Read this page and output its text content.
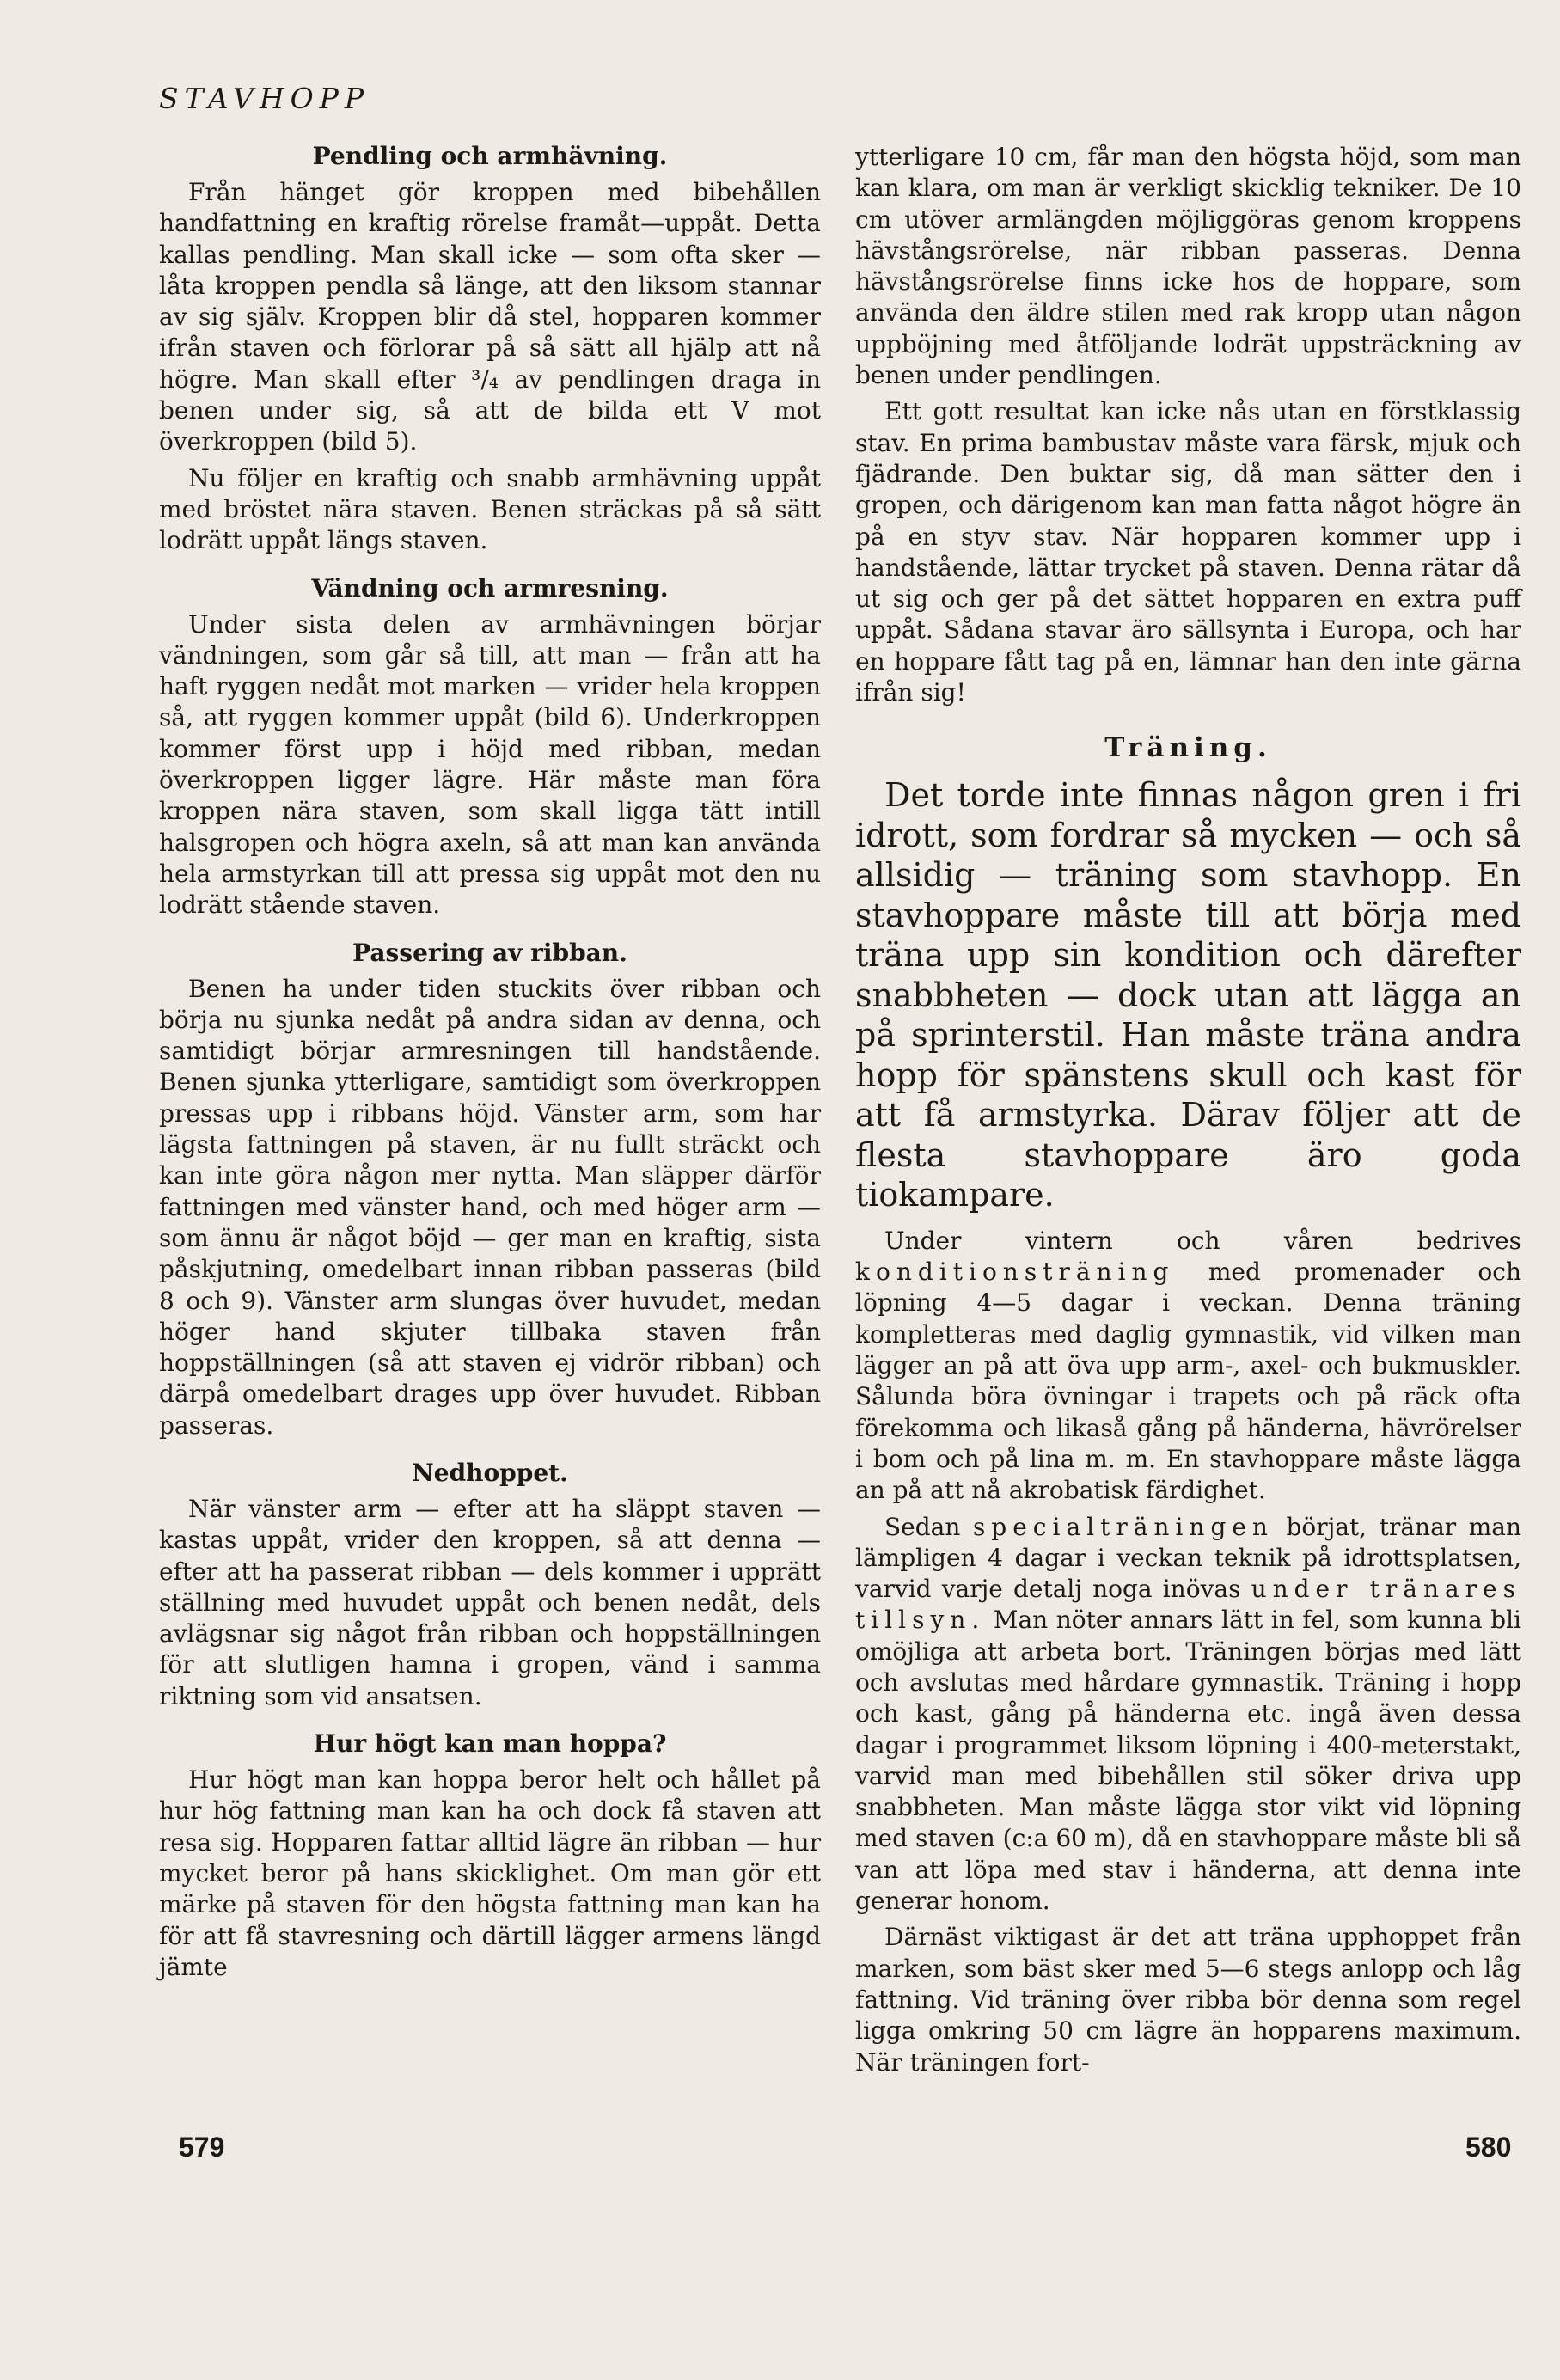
STAVHOPP
Pendling och armhävning.

Från hänget gör kroppen med bibehållen handfattning en kraftig rörelse framåt—uppåt. Detta kallas pendling. Man skall icke — som ofta sker — låta kroppen pendla så länge, att den liksom stannar av sig själv. Kroppen blir då stel, hopparen kommer ifrån staven och förlorar på så sätt all hjälp att nå högre. Man skall efter ³/₄ av pendlingen draga in benen under sig, så att de bilda ett V mot överkroppen (bild 5).

Nu följer en kraftig och snabb armhävning uppåt med bröstet nära staven. Benen sträckas på så sätt lodrätt uppåt längs staven.

Vändning och armresning.

Under sista delen av armhävningen börjar vändningen, som går så till, att man — från att ha haft ryggen nedåt mot marken — vrider hela kroppen så, att ryggen kommer uppåt (bild 6). Underkroppen kommer först upp i höjd med ribban, medan överkroppen ligger lägre. Här måste man föra kroppen nära staven, som skall ligga tätt intill halsgropen och högra axeln, så att man kan använda hela armstyrkan till att pressa sig uppåt mot den nu lodrätt stående staven.

Passering av ribban.

Benen ha under tiden stuckits över ribban och börja nu sjunka nedåt på andra sidan av denna, och samtidigt börjar armresningen till handstående. Benen sjunka ytterligare, samtidigt som överkroppen pressas upp i ribbans höjd. Vänster arm, som har lägsta fattningen på staven, är nu fullt sträckt och kan inte göra någon mer nytta. Man släpper därför fattningen med vänster hand, och med höger arm — som ännu är något böjd — ger man en kraftig, sista påskjutning, omedelbart innan ribban passeras (bild 8 och 9). Vänster arm slungas över huvudet, medan höger hand skjuter tillbaka staven från hoppställningen (så att staven ej vidrör ribban) och därpå omedelbart drages upp över huvudet. Ribban passeras.

Nedhoppet.

När vänster arm — efter att ha släppt staven — kastas uppåt, vrider den kroppen, så att denna — efter att ha passerat ribban — dels kommer i upprätt ställning med huvudet uppåt och benen nedåt, dels avlägsnar sig något från ribban och hoppställningen för att slutligen hamna i gropen, vänd i samma riktning som vid ansatsen.

Hur högt kan man hoppa?

Hur högt man kan hoppa beror helt och hållet på hur hög fattning man kan ha och dock få staven att resa sig. Hopparen fattar alltid lägre än ribban — hur mycket beror på hans skicklighet. Om man gör ett märke på staven för den högsta fattning man kan ha för att få stavresning och därtill lägger armens längd jämte

ytterligare 10 cm, får man den högsta höjd, som man kan klara, om man är verkligt skicklig tekniker. De 10 cm utöver armlängden möjliggöras genom kroppens hävstångsrörelse, när ribban passeras. Denna hävstångsrörelse finns icke hos de hoppare, som använda den äldre stilen med rak kropp utan någon uppböjning med åtföljande lodrät uppsträckning av benen under pendlingen.

Ett gott resultat kan icke nås utan en förstklassig stav. En prima bambustav måste vara färsk, mjuk och fjädrande. Den buktar sig, då man sätter den i gropen, och därigenom kan man fatta något högre än på en styv stav. När hopparen kommer upp i handstående, lättar trycket på staven. Denna rätar då ut sig och ger på det sättet hopparen en extra puff uppåt. Sådana stavar äro sällsynta i Europa, och har en hoppare fått tag på en, lämnar han den inte gärna ifrån sig!

Träning.

Det torde inte finnas någon gren i fri idrott, som fordrar så mycken — och så allsidig — träning som stavhopp. En stavhoppare måste till att börja med träna upp sin kondition och därefter snabbheten — dock utan att lägga an på sprinterstil. Han måste träna andra hopp för spänstens skull och kast för att få armstyrka. Därav följer att de flesta stavhoppare äro goda tiokampare.

Under vintern och våren bedrives konditionsträning med promenader och löpning 4—5 dagar i veckan. Denna träning kompletteras med daglig gymnastik, vid vilken man lägger an på att öva upp arm-, axel- och bukmuskler. Sålunda böra övningar i trapets och på räck ofta förekomma och likaså gång på händerna, hävrörelser i bom och på lina m. m. En stavhoppare måste lägga an på att nå akrobatisk färdighet.

Sedan specialträningen börjat, tränar man lämpligen 4 dagar i veckan teknik på idrottsplatsen, varvid varje detalj noga inövas under tränares tillsyn. Man nöter annars lätt in fel, som kunna bli omöjliga att arbeta bort. Träningen börjas med lätt och avslutas med hårdare gymnastik. Träning i hopp och kast, gång på händerna etc. ingå även dessa dagar i programmet liksom löpning i 400-meterstakt, varvid man med bibehållen stil söker driva upp snabbheten. Man måste lägga stor vikt vid löpning med staven (c:a 60 m), då en stavhoppare måste bli så van att löpa med stav i händerna, att denna inte generar honom.

Därnäst viktigast är det att träna upphoppet från marken, som bäst sker med 5—6 stegs anlopp och låg fattning. Vid träning över ribba bör denna som regel ligga omkring 50 cm lägre än hopparens maximum. När träningen fort-

579	580
